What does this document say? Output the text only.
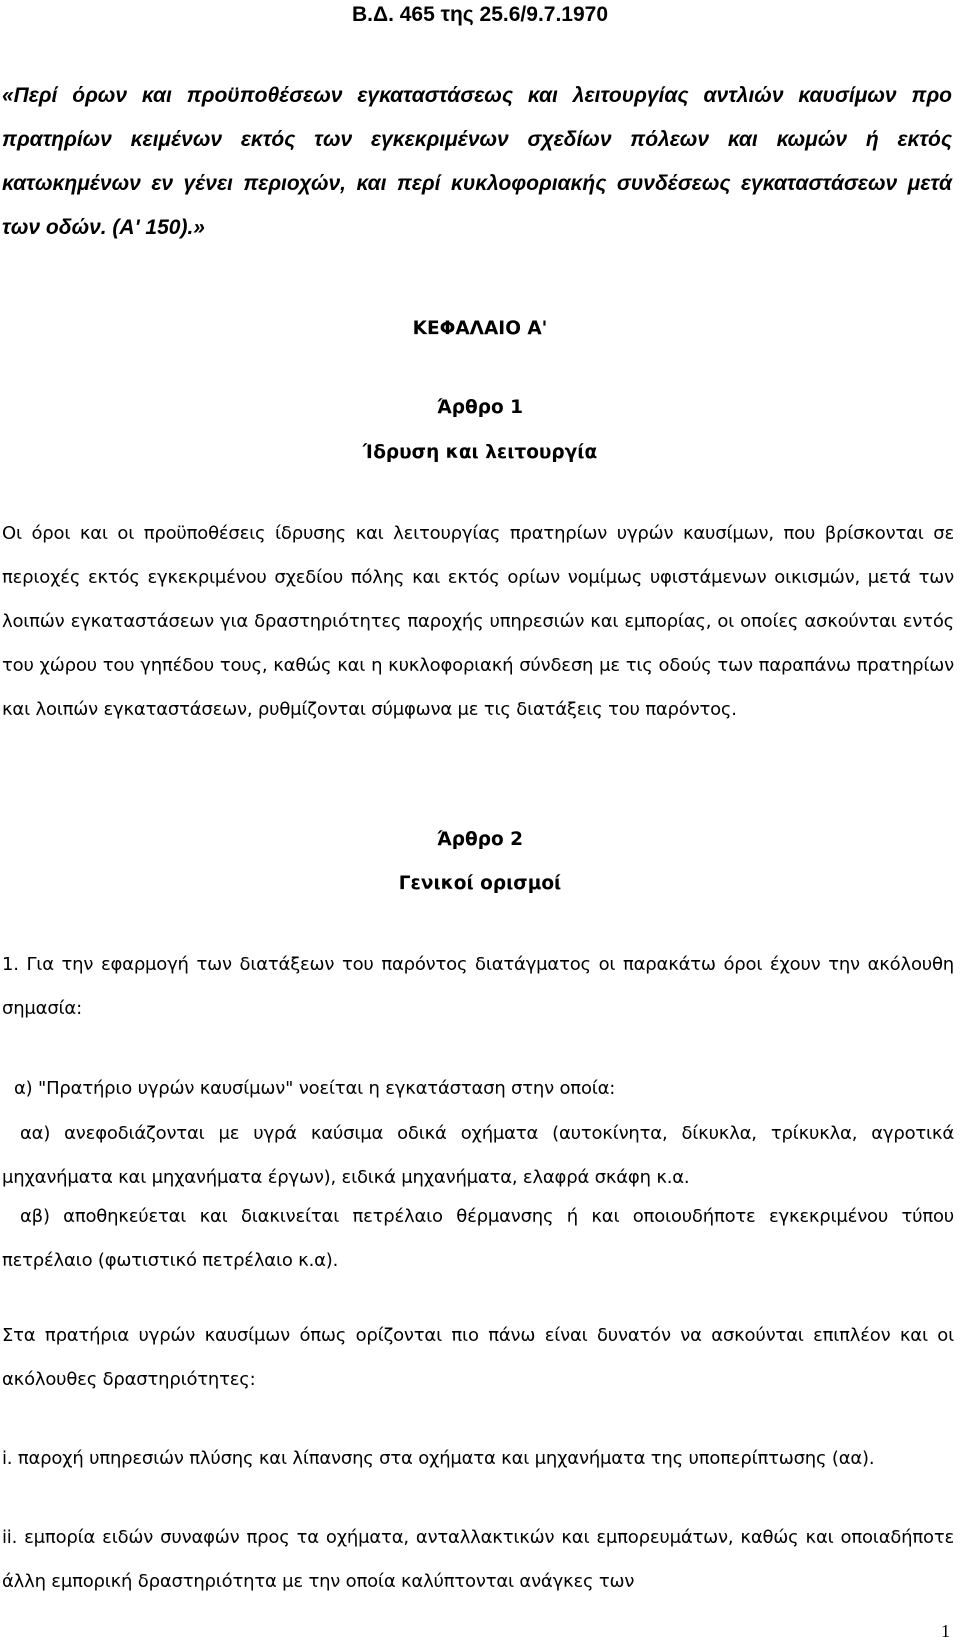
Β.Δ. 465 της 25.6/9.7.1970
«Περί όρων και προϋποθέσεων εγκαταστάσεως και λειτουργίας αντλιών καυσίμων προ πρατηρίων κειμένων εκτός των εγκεκριμένων σχεδίων πόλεων και κωμών ή εκτός κατωκημένων εν γένει περιοχών, και περί κυκλοφοριακής συνδέσεως εγκαταστάσεων μετά των οδών. (Α' 150).»
ΚΕΦΑΛΑΙΟ Α'
Άρθρο 1
Ίδρυση και λειτουργία
Οι όροι και οι προϋποθέσεις ίδρυσης και λειτουργίας πρατηρίων υγρών καυσίμων, που βρίσκονται σε περιοχές εκτός εγκεκριμένου σχεδίου πόλης και εκτός ορίων νομίμως υφιστάμενων οικισμών, μετά των λοιπών εγκαταστάσεων για δραστηριότητες παροχής υπηρεσιών και εμπορίας, οι οποίες ασκούνται εντός του χώρου του γηπέδου τους, καθώς και η κυκλοφοριακή σύνδεση με τις οδούς των παραπάνω πρατηρίων και λοιπών εγκαταστάσεων, ρυθμίζονται σύμφωνα με τις διατάξεις του παρόντος.
Άρθρο 2
Γενικοί ορισμοί
1. Για την εφαρμογή των διατάξεων του παρόντος διατάγματος οι παρακάτω όροι έχουν την ακόλουθη σημασία:
α) "Πρατήριο υγρών καυσίμων" νοείται η εγκατάσταση στην οποία:
αα) ανεφοδιάζονται με υγρά καύσιμα οδικά οχήματα (αυτοκίνητα, δίκυκλα, τρίκυκλα, αγροτικά μηχανήματα και μηχανήματα έργων), ειδικά μηχανήματα, ελαφρά σκάφη κ.α.
αβ) αποθηκεύεται και διακινείται πετρέλαιο θέρμανσης ή και οποιουδήποτε εγκεκριμένου τύπου πετρέλαιο (φωτιστικό πετρέλαιο κ.α).
Στα πρατήρια υγρών καυσίμων όπως ορίζονται πιο πάνω είναι δυνατόν να ασκούνται επιπλέον και οι ακόλουθες δραστηριότητες:
i. παροχή υπηρεσιών πλύσης και λίπανσης στα οχήματα και μηχανήματα της υποπερίπτωσης (αα).
ii. εμπορία ειδών συναφών προς τα οχήματα, ανταλλακτικών και εμπορευμάτων, καθώς και οποιαδήποτε άλλη εμπορική δραστηριότητα με την οποία καλύπτονται ανάγκες των
1
